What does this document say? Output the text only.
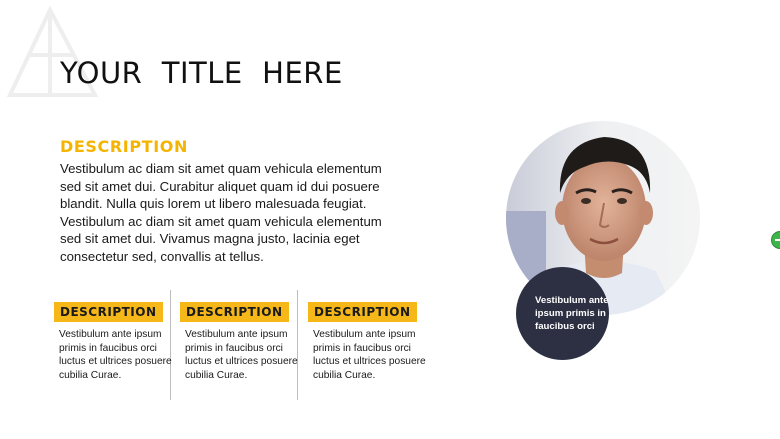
YOUR  TITLE  HERE
DESCRIPTION
Vestibulum ac diam sit amet quam vehicula elementum sed sit amet dui. Curabitur aliquet quam id dui posuere blandit. Nulla quis lorem ut libero malesuada feugiat. Vestibulum ac diam sit amet quam vehicula elementum sed sit amet dui. Vivamus magna justo, lacinia eget consectetur sed, convallis at tellus.
DESCRIPTION
Vestibulum ante ipsum primis in faucibus orci luctus et ultrices posuere cubilia Curae.
DESCRIPTION
Vestibulum ante ipsum primis in faucibus orci luctus et ultrices posuere cubilia Curae.
DESCRIPTION
Vestibulum ante ipsum primis in faucibus orci luctus et ultrices posuere cubilia Curae.
Vestibulum ante ipsum primis in faucibus orci
